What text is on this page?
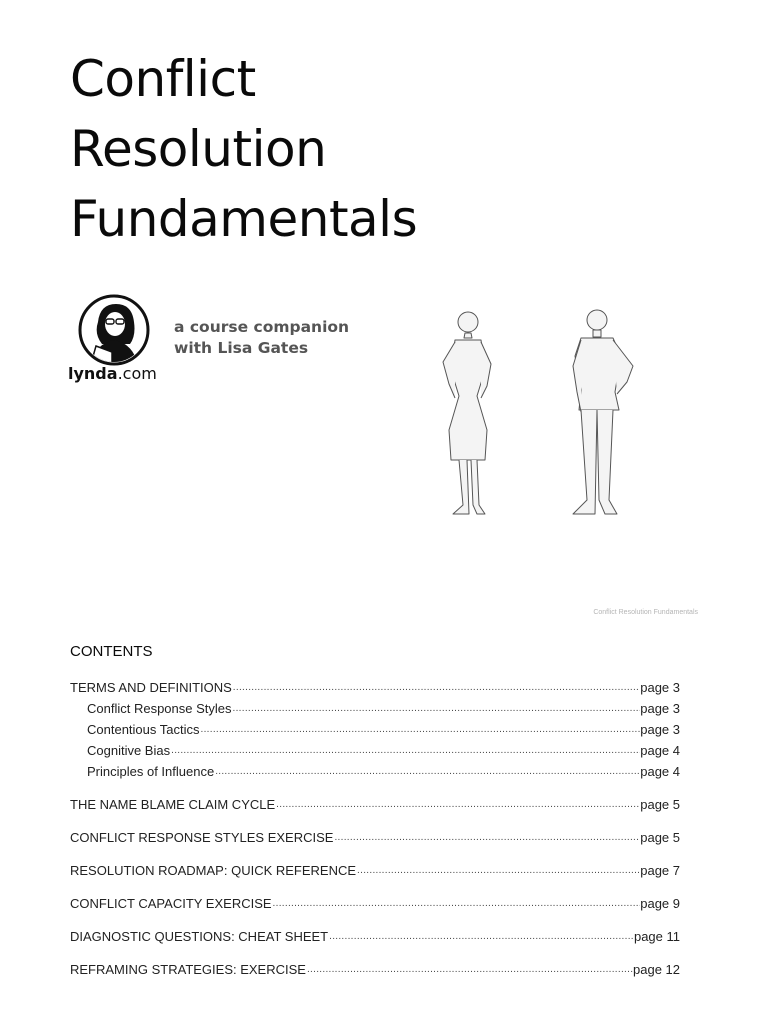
Conflict
Resolution
Fundamentals
lynda.com
a course companion
with Lisa Gates
Conflict Resolution Fundamentals
CONTENTS
TERMS AND DEFINITIONS .....	page 3
Conflict Response Styles .....	page 3
Contentious Tactics .....	page 3
Cognitive Bias .....	page 4
Principles of Influence .....	page 4
THE NAME BLAME CLAIM CYCLE .....	page 5
CONFLICT RESPONSE STYLES EXERCISE .....	page 5
RESOLUTION ROADMAP: QUICK REFERENCE .....	page 7
CONFLICT CAPACITY EXERCISE .....	page 9
DIAGNOSTIC QUESTIONS: CHEAT SHEET .....	page 11
REFRAMING STRATEGIES: EXERCISE .....	page 12
